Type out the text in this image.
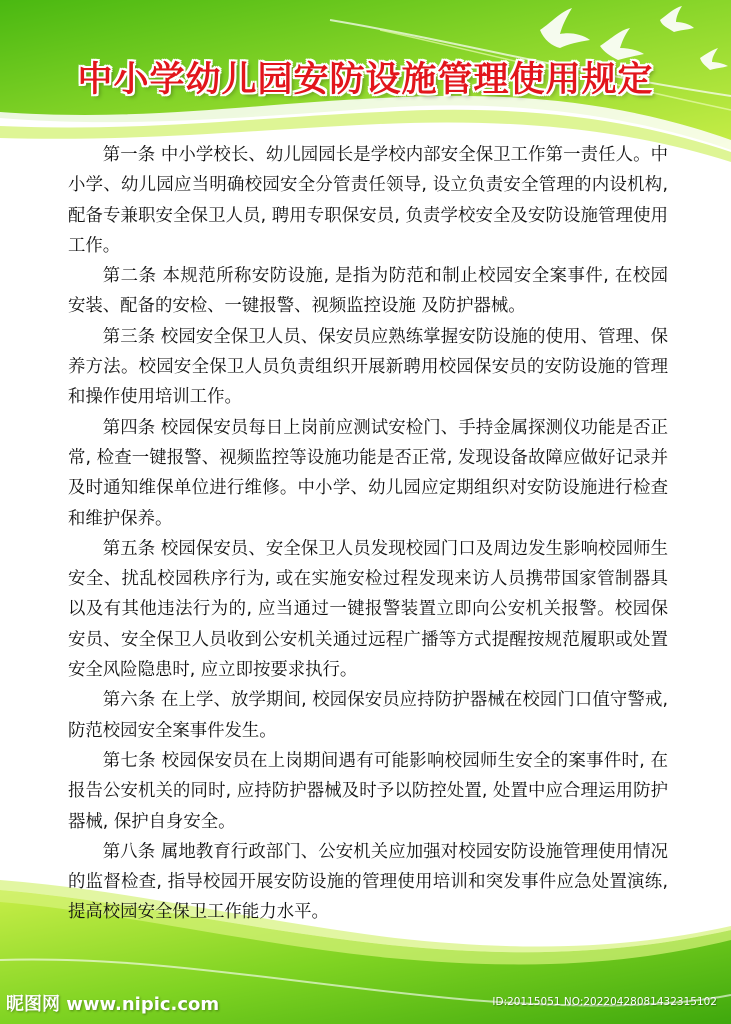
中小学幼儿园安防设施管理使用规定

第一条 中小学校长、幼儿园园长是学校内部安全保卫工作第一责任人。中小学、幼儿园应当明确校园安全分管责任领导, 设立负责安全管理的内设机构, 配备专兼职安全保卫人员, 聘用专职保安员, 负责学校安全及安防设施管理使用工作。

第二条 本规范所称安防设施, 是指为防范和制止校园安全案事件, 在校园安装、配备的安检、一键报警、视频监控设施 及防护器械。

第三条 校园安全保卫人员、保安员应熟练掌握安防设施的使用、管理、保养方法。校园安全保卫人员负责组织开展新聘用校园保安员的安防设施的管理和操作使用培训工作。

第四条 校园保安员每日上岗前应测试安检门、手持金属探测仪功能是否正常, 检查一键报警、视频监控等设施功能是否正常, 发现设备故障应做好记录并及时通知维保单位进行维修。中小学、幼儿园应定期组织对安防设施进行检查和维护保养。

第五条 校园保安员、安全保卫人员发现校园门口及周边发生影响校园师生安全、扰乱校园秩序行为, 或在实施安检过程发现来访人员携带国家管制器具以及有其他违法行为的, 应当通过一键报警装置立即向公安机关报警。校园保安员、安全保卫人员收到公安机关通过远程广播等方式提醒按规范履职或处置安全风险隐患时, 应立即按要求执行。

第六条 在上学、放学期间, 校园保安员应持防护器械在校园门口值守警戒, 防范校园安全案事件发生。

第七条 校园保安员在上岗期间遇有可能影响校园师生安全的案事件时, 在报告公安机关的同时, 应持防护器械及时予以防控处置, 处置中应合理运用防护器械, 保护自身安全。

第八条 属地教育行政部门、公安机关应加强对校园安防设施管理使用情况的监督检查, 指导校园开展安防设施的管理使用培训和突发事件应急处置演练, 提高校园安全保卫工作能力水平。

昵图网 www.nipic.com	ID:20115051 NO:20220428081432315102
